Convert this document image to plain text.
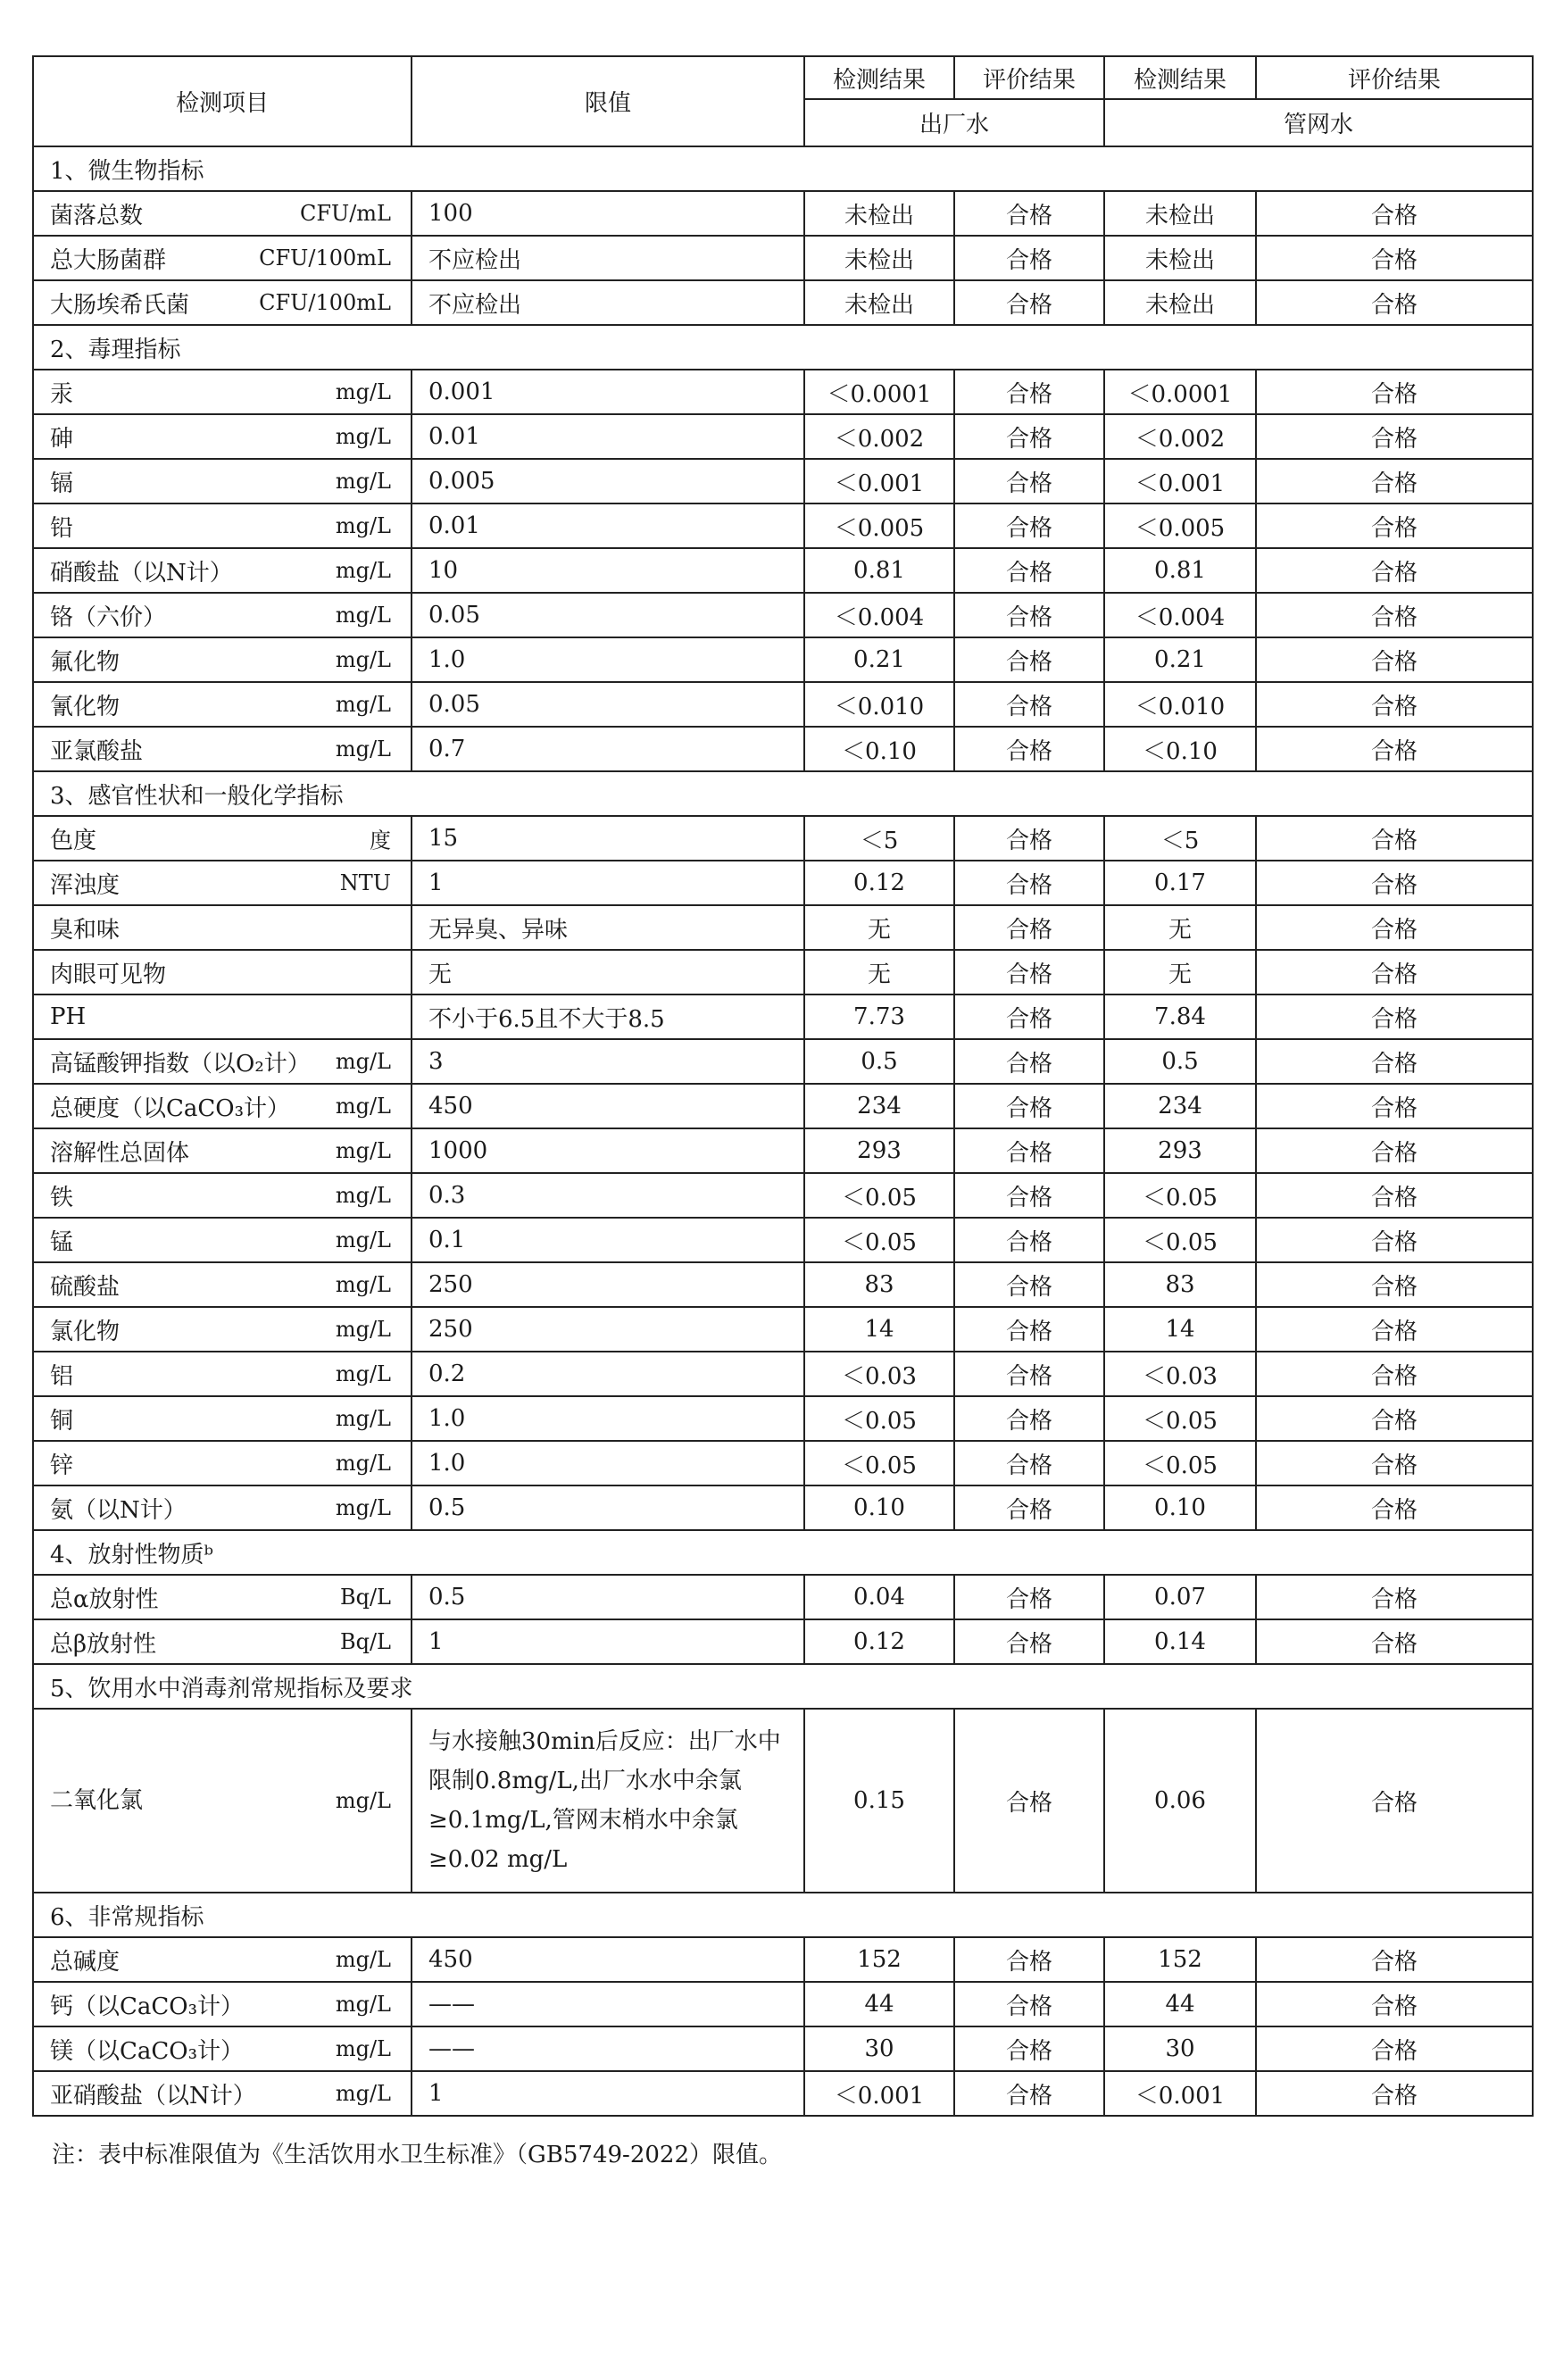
检测项目	限值	检测结果	评价结果	检测结果	评价结果
		出厂水		管网水	
1、微生物指标					
菌落总数 CFU/mL	100	未检出	合格	未检出	合格
总大肠菌群 CFU/100mL	不应检出	未检出	合格	未检出	合格
大肠埃希氏菌 CFU/100mL	不应检出	未检出	合格	未检出	合格
2、毒理指标					
汞 mg/L	0.001	＜0.0001	合格	＜0.0001	合格
砷 mg/L	0.01	＜0.002	合格	＜0.002	合格
镉 mg/L	0.005	＜0.001	合格	＜0.001	合格
铅 mg/L	0.01	＜0.005	合格	＜0.005	合格
硝酸盐（以N计） mg/L	10	0.81	合格	0.81	合格
铬（六价） mg/L	0.05	＜0.004	合格	＜0.004	合格
氟化物 mg/L	1.0	0.21	合格	0.21	合格
氰化物 mg/L	0.05	＜0.010	合格	＜0.010	合格
亚氯酸盐 mg/L	0.7	＜0.10	合格	＜0.10	合格
3、感官性状和一般化学指标					
色度 度	15	＜5	合格	＜5	合格
浑浊度 NTU	1	0.12	合格	0.17	合格
臭和味	无异臭、异味	无	合格	无	合格
肉眼可见物	无	无	合格	无	合格
PH	不小于6.5且不大于8.5	7.73	合格	7.84	合格
高锰酸钾指数（以O₂计） mg/L	3	0.5	合格	0.5	合格
总硬度（以CaCO₃计） mg/L	450	234	合格	234	合格
溶解性总固体 mg/L	1000	293	合格	293	合格
铁 mg/L	0.3	＜0.05	合格	＜0.05	合格
锰 mg/L	0.1	＜0.05	合格	＜0.05	合格
硫酸盐 mg/L	250	83	合格	83	合格
氯化物 mg/L	250	14	合格	14	合格
铝 mg/L	0.2	＜0.03	合格	＜0.03	合格
铜 mg/L	1.0	＜0.05	合格	＜0.05	合格
锌 mg/L	1.0	＜0.05	合格	＜0.05	合格
氨（以N计） mg/L	0.5	0.10	合格	0.10	合格
4、放射性物质ᵇ					
总α放射性 Bq/L	0.5	0.04	合格	0.07	合格
总β放射性 Bq/L	1	0.12	合格	0.14	合格
5、饮用水中消毒剂常规指标及要求					
二氧化氯 mg/L	与水接触30min后反应：出厂水中限制0.8mg/L,出厂水水中余氯≥0.1mg/L,管网末梢水中余氯≥0.02 mg/L	0.15	合格	0.06	合格
6、非常规指标					
总碱度 mg/L	450	152	合格	152	合格
钙（以CaCO₃计） mg/L	——	44	合格	44	合格
镁（以CaCO₃计） mg/L	——	30	合格	30	合格
亚硝酸盐（以N计） mg/L	1	＜0.001	合格	＜0.001	合格
注：表中标准限值为《生活饮用水卫生标准》（GB5749-2022）限值。
